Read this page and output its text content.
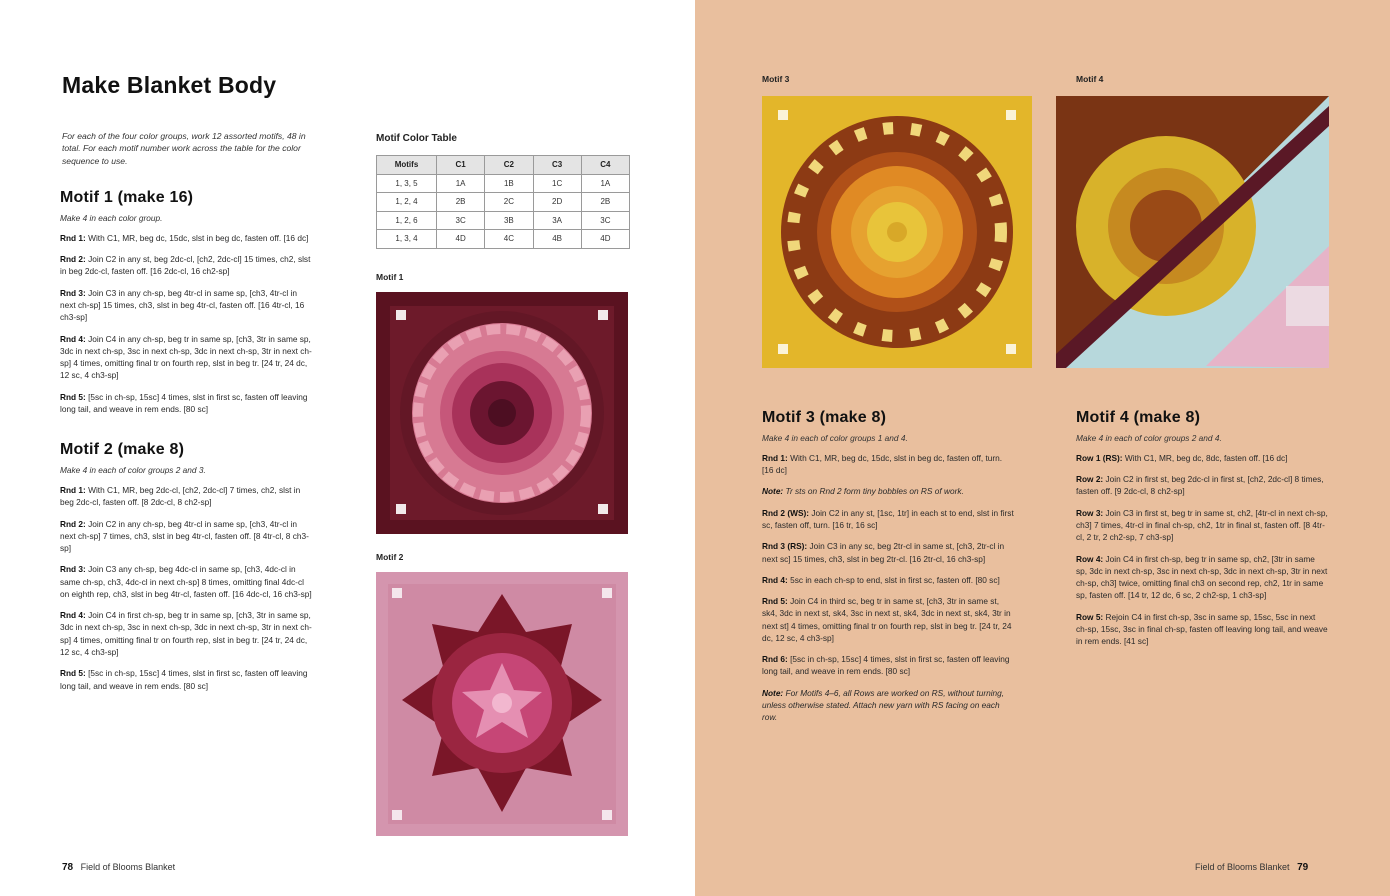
Make Blanket Body
For each of the four color groups, work 12 assorted motifs, 48 in total. For each motif number work across the table for the color sequence to use.
Motif 1 (make 16)
Make 4 in each color group.
Rnd 1: With C1, MR, beg dc, 15dc, slst in beg dc, fasten off. [16 dc]
Rnd 2: Join C2 in any st, beg 2dc-cl, [ch2, 2dc-cl] 15 times, ch2, slst in beg 2dc-cl, fasten off. [16 2dc-cl, 16 ch2-sp]
Rnd 3: Join C3 in any ch-sp, beg 4tr-cl in same sp, [ch3, 4tr-cl in next ch-sp] 15 times, ch3, slst in beg 4tr-cl, fasten off. [16 4tr-cl, 16 ch3-sp]
Rnd 4: Join C4 in any ch-sp, beg tr in same sp, [ch3, 3tr in same sp, 3dc in next ch-sp, 3sc in next ch-sp, 3dc in next ch-sp, 3tr in next ch-sp] 4 times, omitting final tr on fourth rep, slst in beg tr. [24 tr, 24 dc, 12 sc, 4 ch3-sp]
Rnd 5: [5sc in ch-sp, 15sc] 4 times, slst in first sc, fasten off leaving long tail, and weave in rem ends. [80 sc]
Motif 2 (make 8)
Make 4 in each of color groups 2 and 3.
Rnd 1: With C1, MR, beg 2dc-cl, [ch2, 2dc-cl] 7 times, ch2, slst in beg 2dc-cl, fasten off. [8 2dc-cl, 8 ch2-sp]
Rnd 2: Join C2 in any ch-sp, beg 4tr-cl in same sp, [ch3, 4tr-cl in next ch-sp] 7 times, ch3, slst in beg 4tr-cl, fasten off. [8 4tr-cl, 8 ch3-sp]
Rnd 3: Join C3 any ch-sp, beg 4dc-cl in same sp, [ch3, 4dc-cl in same ch-sp, ch3, 4dc-cl in next ch-sp] 8 times, omitting final 4dc-cl on eighth rep, ch3, slst in beg 4tr-cl, fasten off. [16 4dc-cl, 16 ch3-sp]
Rnd 4: Join C4 in first ch-sp, beg tr in same sp, [ch3, 3tr in same sp, 3dc in next ch-sp, 3sc in next ch-sp, 3dc in next ch-sp, 3tr in next ch-sp] 4 times, omitting final tr on fourth rep, slst in beg tr. [24 tr, 24 dc, 12 sc, 4 ch3-sp]
Rnd 5: [5sc in ch-sp, 15sc] 4 times, slst in first sc, fasten off leaving long tail, and weave in rem ends. [80 sc]
Motif Color Table
Motifs	C1	C2	C3	C4
1, 3, 5	1A	1B	1C	1A
1, 2, 4	2B	2C	2D	2B
1, 2, 6	3C	3B	3A	3C
1, 3, 4	4D	4C	4B	4D
Motif 1
Motif 2
78 Field of Blooms Blanket
Motif 3	Motif 4
Motif 3 (make 8)
Make 4 in each of color groups 1 and 4.
Rnd 1: With C1, MR, beg dc, 15dc, slst in beg dc, fasten off, turn. [16 dc]
Note: Tr sts on Rnd 2 form tiny bobbles on RS of work.
Rnd 2 (WS): Join C2 in any st, [1sc, 1tr] in each st to end, slst in first sc, fasten off, turn. [16 tr, 16 sc]
Rnd 3 (RS): Join C3 in any sc, beg 2tr-cl in same st, [ch3, 2tr-cl in next sc] 15 times, ch3, slst in beg 2tr-cl. [16 2tr-cl, 16 ch3-sp]
Rnd 4: 5sc in each ch-sp to end, slst in first sc, fasten off. [80 sc]
Rnd 5: Join C4 in third sc, beg tr in same st, [ch3, 3tr in same st, sk4, 3dc in next st, sk4, 3sc in next st, sk4, 3dc in next st, sk4, 3tr in next st] 4 times, omitting final tr on fourth rep, slst in beg tr. [24 tr, 24 dc, 12 sc, 4 ch3-sp]
Rnd 6: [5sc in ch-sp, 15sc] 4 times, slst in first sc, fasten off leaving long tail, and weave in rem ends. [80 sc]
Note: For Motifs 4–6, all Rows are worked on RS, without turning, unless otherwise stated. Attach new yarn with RS facing on each row.
Motif 4 (make 8)
Make 4 in each of color groups 2 and 4.
Row 1 (RS): With C1, MR, beg dc, 8dc, fasten off. [16 dc]
Row 2: Join C2 in first st, beg 2dc-cl in first st, [ch2, 2dc-cl] 8 times, fasten off. [9 2dc-cl, 8 ch2-sp]
Row 3: Join C3 in first st, beg tr in same st, ch2, [4tr-cl in next ch-sp, ch3] 7 times, 4tr-cl in final ch-sp, ch2, 1tr in final st, fasten off. [8 4tr-cl, 2 tr, 2 ch2-sp, 7 ch3-sp]
Row 4: Join C4 in first ch-sp, beg tr in same sp, ch2, [3tr in same sp, 3dc in next ch-sp, 3sc in next ch-sp, 3dc in next ch-sp, 3tr in next ch-sp, ch3] twice, omitting final ch3 on second rep, ch2, 1tr in same sp, fasten off. [14 tr, 12 dc, 6 sc, 2 ch2-sp, 1 ch3-sp]
Row 5: Rejoin C4 in first ch-sp, 3sc in same sp, 15sc, 5sc in next ch-sp, 15sc, 3sc in final ch-sp, fasten off leaving long tail, and weave in rem ends. [41 sc]
Field of Blooms Blanket 79
